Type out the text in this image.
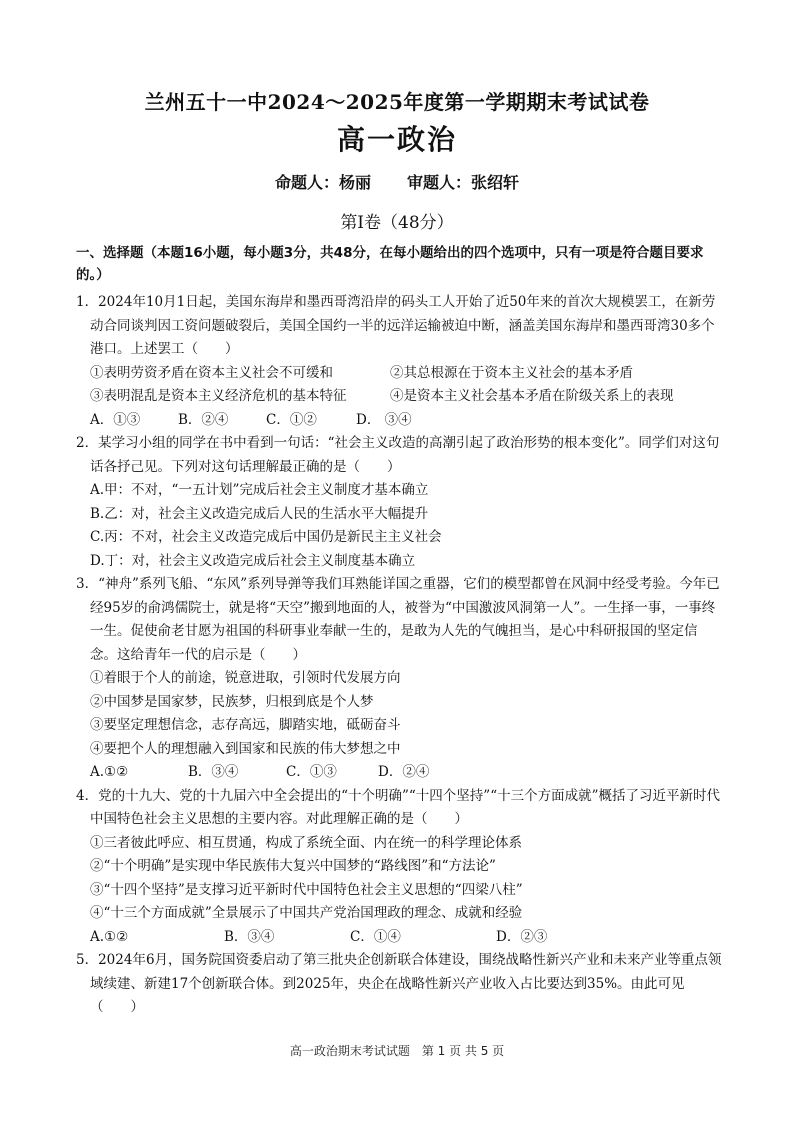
兰州五十一中2024～2025年度第一学期期末考试试卷
高一政治
命题人：杨丽 审题人：张绍轩
第Ⅰ卷（48分）
一、选择题（本题16小题，每小题3分，共48分，在每小题给出的四个选项中，只有一项是符合题目要求的。）
1．2024年10月1日起，美国东海岸和墨西哥湾沿岸的码头工人开始了近50年来的首次大规模罢工，在新劳动合同谈判因工资问题破裂后，美国全国约一半的远洋运输被迫中断，涵盖美国东海岸和墨西哥湾30多个港口。上述罢工（　　）
①表明劳资矛盾在资本主义社会不可缓和	②其总根源在于资本主义社会的基本矛盾
③表明混乱是资本主义经济危机的基本特征	④是资本主义社会基本矛盾在阶级关系上的表现
A．①③	B．②④	C．①②	D． ③④
2．某学习小组的同学在书中看到一句话：“社会主义改造的高潮引起了政治形势的根本变化”。同学们对这句话各抒己见。下列对这句话理解最正确的是（　　）
A.甲：不对，“一五计划”完成后社会主义制度才基本确立
B.乙：对，社会主义改造完成后人民的生活水平大幅提升
C.丙：不对，社会主义改造完成后中国仍是新民主主义社会
D.丁：对，社会主义改造完成后社会主义制度基本确立
3．“神舟”系列飞船、“东风”系列导弹等我们耳熟能详国之重器，它们的模型都曾在风洞中经受考验。今年已经95岁的俞鸿儒院士，就是将“天空”搬到地面的人，被誉为“中国激波风洞第一人”。一生择一事，一事终一生。促使俞老甘愿为祖国的科研事业奉献一生的，是敢为人先的气魄担当，是心中科研报国的坚定信念。这给青年一代的启示是（　　）
①着眼于个人的前途，锐意进取，引领时代发展方向
②中国梦是国家梦，民族梦，归根到底是个人梦
③要坚定理想信念，志存高远，脚踏实地，砥砺奋斗
④要把个人的理想融入到国家和民族的伟大梦想之中
A.①②	B．③④	C．①③	D．②④
4．党的十九大、党的十九届六中全会提出的“十个明确”“十四个坚持”“十三个方面成就”概括了习近平新时代中国特色社会主义思想的主要内容。对此理解正确的是（　　）
①三者彼此呼应、相互贯通，构成了系统全面、内在统一的科学理论体系
②“十个明确”是实现中华民族伟大复兴中国梦的“路线图”和“方法论”
③“十四个坚持”是支撑习近平新时代中国特色社会主义思想的“四梁八柱”
④“十三个方面成就”全景展示了中国共产党治国理政的理念、成就和经验
A.①②	B．③④	C．①④	D．②③
5．2024年6月，国务院国资委启动了第三批央企创新联合体建设，围绕战略性新兴产业和未来产业等重点领域续建、新建17个创新联合体。到2025年，央企在战略性新兴产业收入占比要达到35%。由此可见（　　）
高一政治期末考试试题　第 1 页 共 5 页
